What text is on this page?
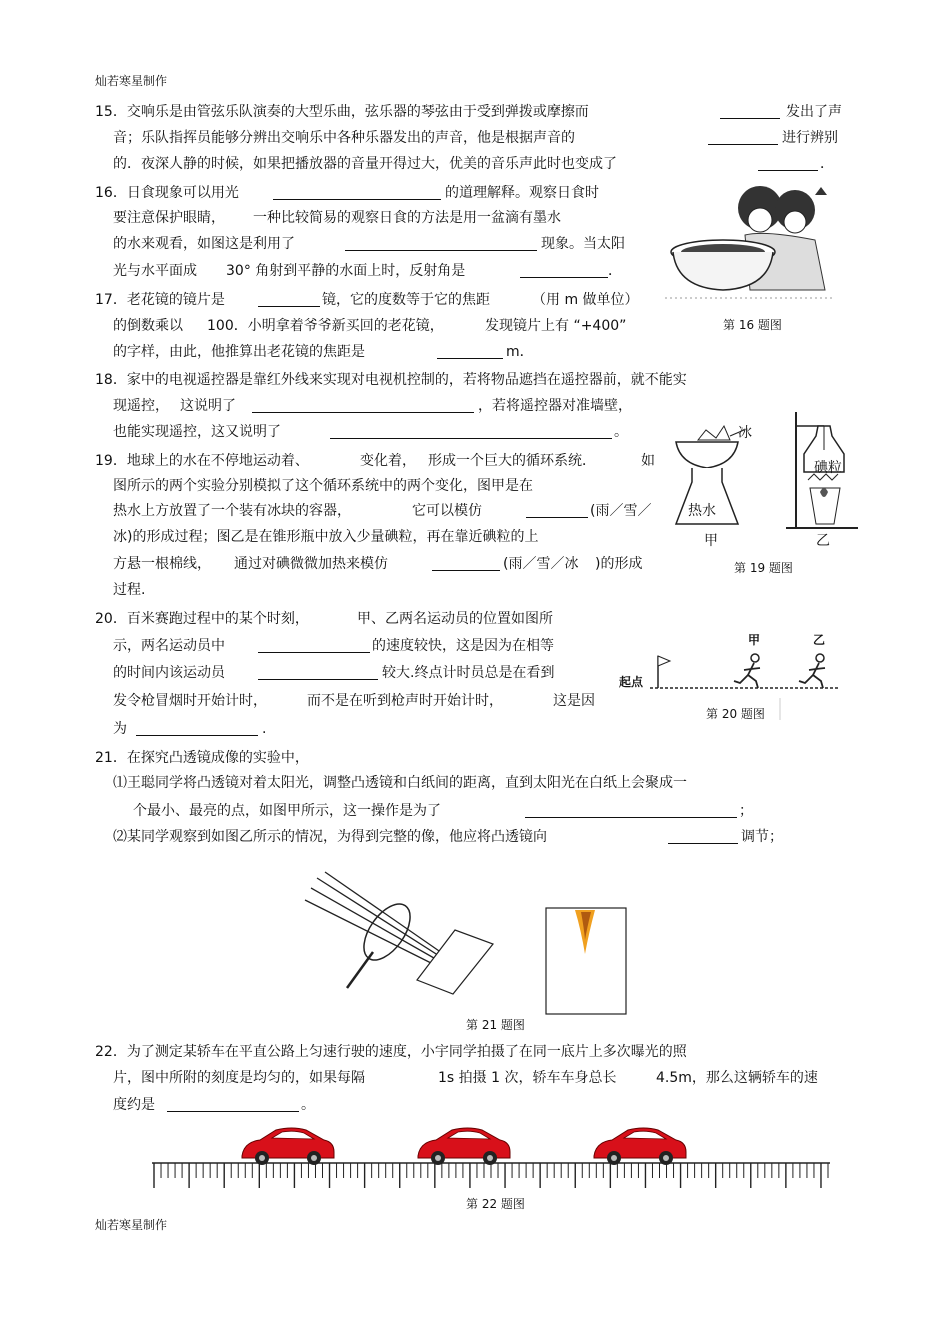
灿若寒星制作
15．交响乐是由管弦乐队演奏的大型乐曲，弦乐器的琴弦由于受到弹拨或摩擦而	发出了声
音；乐队指挥员能够分辨出交响乐中各种乐器发出的声音，他是根据声音的	进行辨别
的．夜深人静的时候，如果把播放器的音量开得过大，优美的音乐声此时也变成了	．
16．日食现象可以用光	的道理解释。观察日食时
要注意保护眼睛， 一种比较简易的观察日食的方法是用一盆滴有墨水
的水来观看，如图这是利用了	现象。当太阳
光与水平面成 30° 角射到平静的水面上时，反射角是	．
第 16 题图
17．老花镜的镜片是	镜，它的度数等于它的焦距	（用 m 做单位）
的倒数乘以 100．小明拿着爷爷新买回的老花镜，	发现镜片上有 “+400”
的字样，由此，他推算出老花镜的焦距是	m．
18．家中的电视遥控器是靠红外线来实现对电视机控制的，若将物品遮挡在遥控器前，就不能实
现遥控， 这说明了	，若将遥控器对准墙壁，
也能实现遥控，这又说明了	。
19．地球上的水在不停地运动着、	变化着， 形成一个巨大的循环系统．	如
图所示的两个实验分别模拟了这个循环系统中的两个变化，图甲是在
热水上方放置了一个装有冰块的容器，	它可以模仿	(雨／雪／
冰)的形成过程；图乙是在锥形瓶中放入少量碘粒，再在靠近碘粒的上
方悬一根棉线， 通过对碘微微加热来模仿	(雨／雪／冰 )的形成
过程.
冰
热水
碘粒
甲	乙
第 19 题图
20．百米赛跑过程中的某个时刻，	甲、乙两名运动员的位置如图所
示，两名运动员中	的速度较快，这是因为在相等
的时间内该运动员	较大.终点计时员总是在看到
发令枪冒烟时开始计时，	而不是在听到枪声时开始计时，	这是因
为	.
起点
甲	乙
第 20 题图
21．在探究凸透镜成像的实验中，
⑴王聪同学将凸透镜对着太阳光，调整凸透镜和白纸间的距离，直到太阳光在白纸上会聚成一
个最小、最亮的点，如图甲所示，这一操作是为了	；
⑵某同学观察到如图乙所示的情况，为得到完整的像，他应将凸透镜向	调节；
第 21 题图
22．为了测定某轿车在平直公路上匀速行驶的速度，小宇同学拍摄了在同一底片上多次曝光的照
片，图中所附的刻度是均匀的，如果每隔	1s 拍摄 1 次，轿车车身总长	4.5m，那么这辆轿车的速
度约是	。
第 22 题图
灿若寒星制作
